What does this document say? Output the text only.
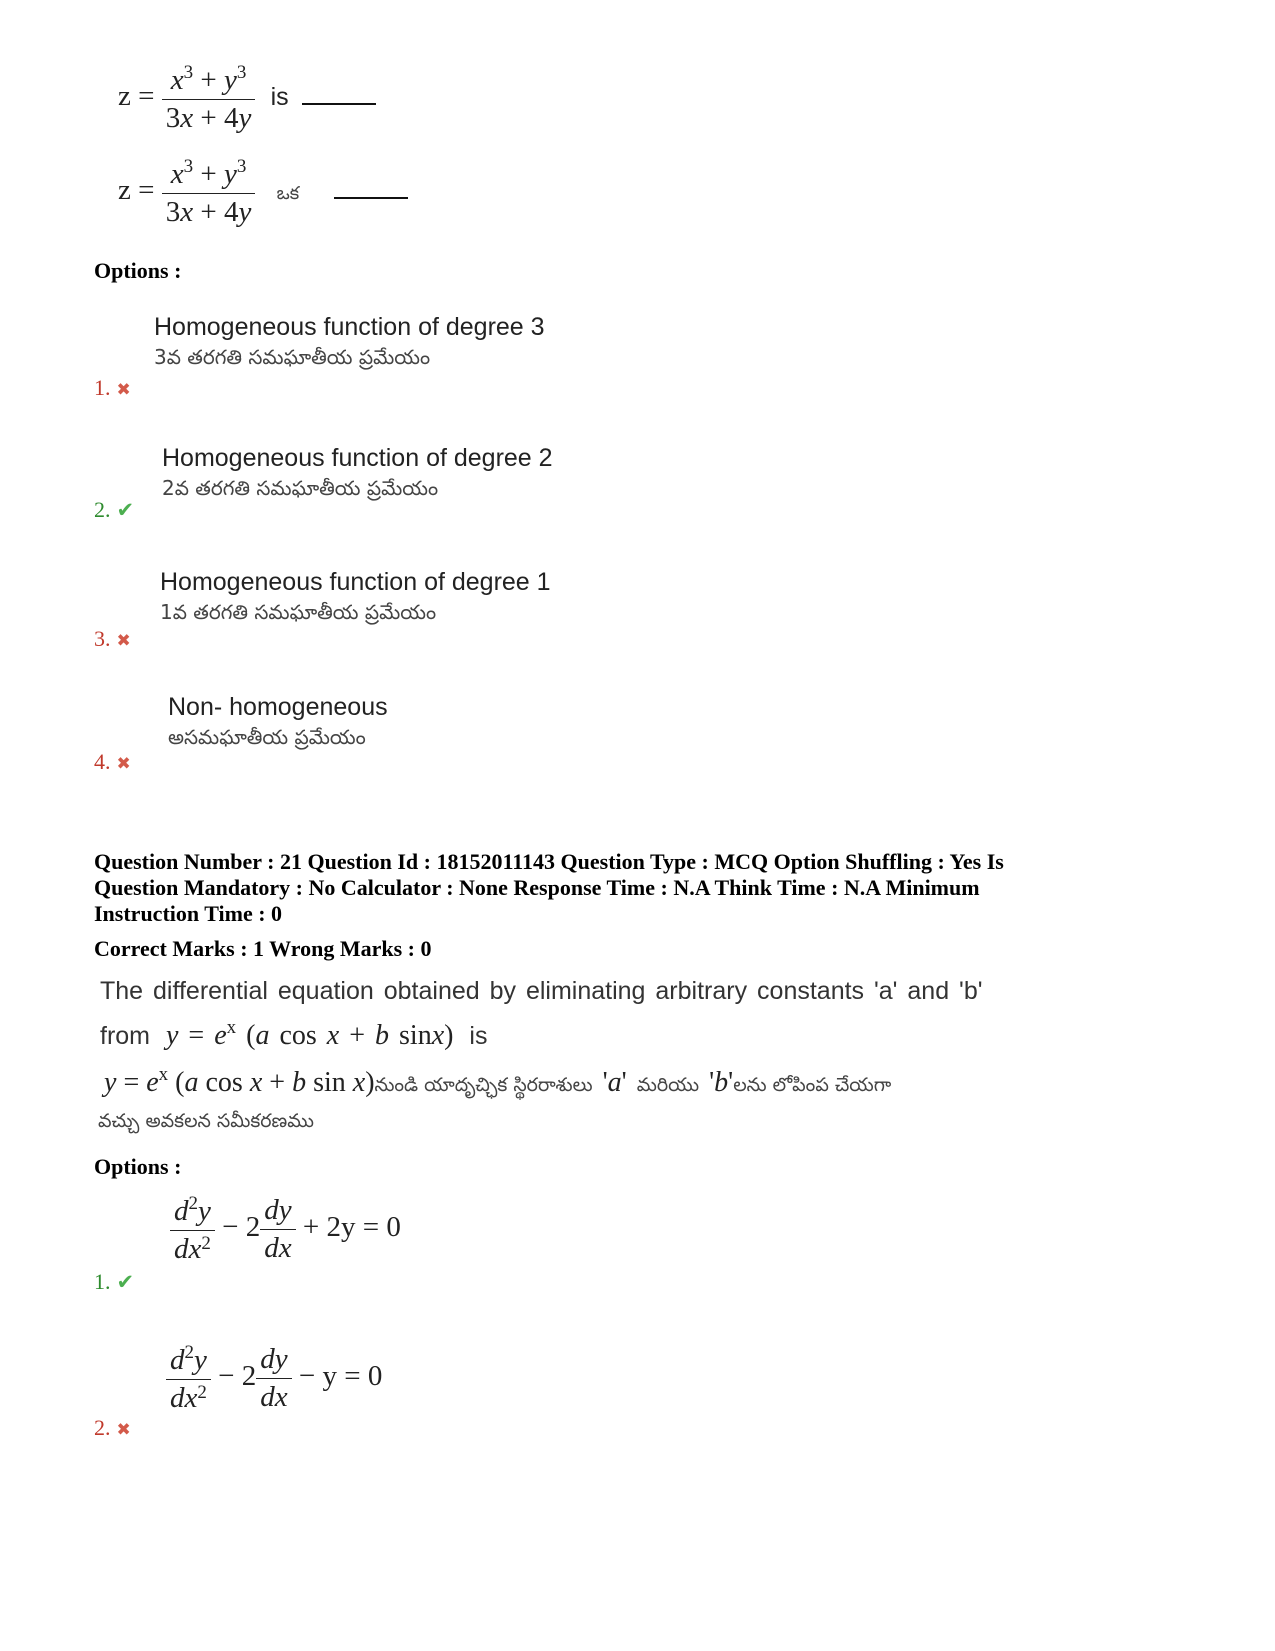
$z = \frac{x^3 + y^3}{3x + 4y}$ is
$z = \frac{x^3 + y^3}{3x + 4y}$ ఒక
Options :
Homogeneous function of degree 3
3వ తరగతి సమఘాతీయ ప్రమేయం
1. ✖
Homogeneous function of degree 2
2వ తరగతి సమఘాతీయ ప్రమేయం
2. ✔
Homogeneous function of degree 1
1వ తరగతి సమఘాతీయ ప్రమేయం
3. ✖
Non- homogeneous
అసమఘాతీయ ప్రమేయం
4. ✖
Question Number : 21 Question Id : 18152011143 Question Type : MCQ Option Shuffling : Yes Is
Question Mandatory : No Calculator : None Response Time : N.A Think Time : N.A Minimum
Instruction Time : 0
Correct Marks : 1 Wrong Marks : 0
The differential equation obtained by eliminating arbitrary constants 'a' and 'b'
from $y = e^x$ (a cos x + b sinx) is
$y = e^x$ (a cos x + b sin x)నుండి యాదృచ్ఛిక స్థిరరాశులు 'a' మరియు 'b'లను లోపింప చేయగా
వచ్చు అవకలన సమీకరణము
Options :
$\frac{d^2y}{dx^2} - 2 \frac{dy}{dx} + 2y = 0$
1. ✔
$\frac{d^2y}{dx^2} - 2 \frac{dy}{dx} - y = 0$
2. ✖
